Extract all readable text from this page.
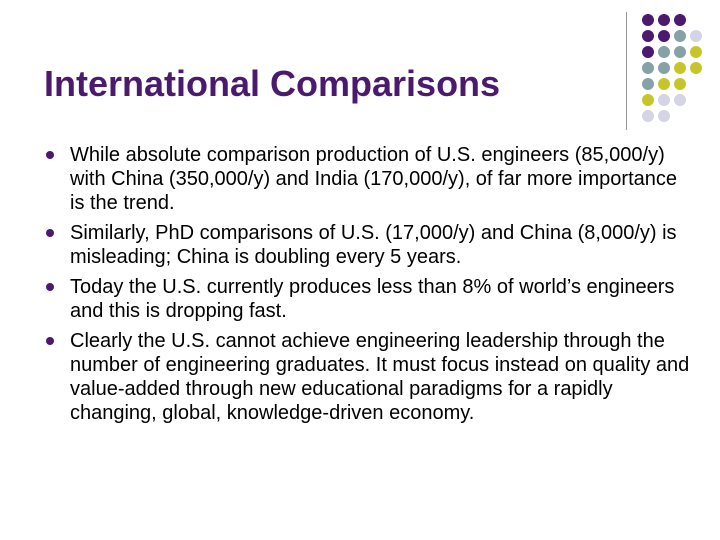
International Comparisons
While absolute comparison production of U.S. engineers (85,000/y) with China (350,000/y) and India (170,000/y), of far more importance is the trend.
Similarly, PhD comparisons of U.S. (17,000/y) and China (8,000/y) is misleading; China is doubling every 5 years.
Today the U.S. currently produces less than 8% of world’s engineers and this is dropping fast.
Clearly the U.S. cannot achieve engineering leadership through the number of engineering graduates. It must focus instead on quality and value-added through new educational paradigms for a rapidly changing, global, knowledge-driven economy.
